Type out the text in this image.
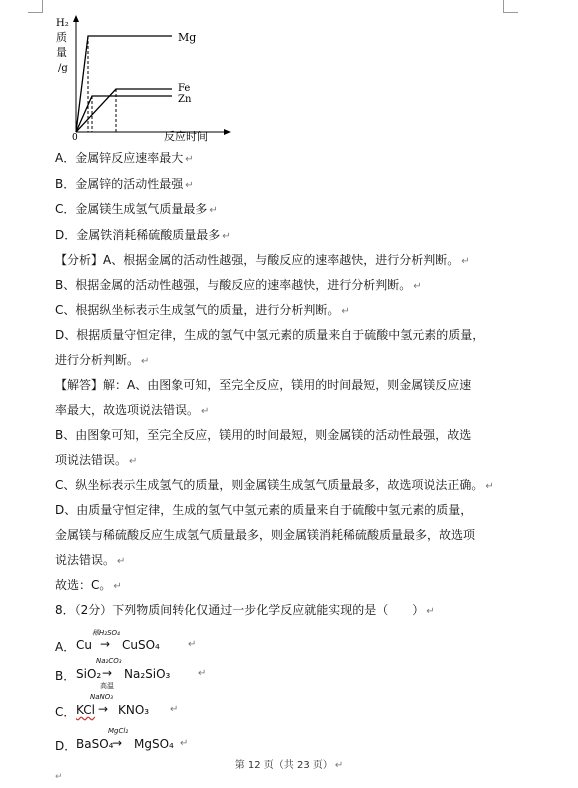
H₂
质
量
/g
0	反应时间
Mg
Fe
Zn
A．金属锌反应速率最大 ↵
B．金属锌的活动性最强 ↵
C．金属镁生成氢气质量最多 ↵
D．金属铁消耗稀硫酸质量最多 ↵
【分析】A、根据金属的活动性越强，与酸反应的速率越快，进行分析判断。 ↵
B、根据金属的活动性越强，与酸反应的速率越快，进行分析判断。 ↵
C、根据纵坐标表示生成氢气的质量，进行分析判断。 ↵
D、根据质量守恒定律，生成的氢气中氢元素的质量来自于硫酸中氢元素的质量，
进行分析判断。 ↵
【解答】解：A、由图象可知，至完全反应，镁用的时间最短，则金属镁反应速
率最大，故选项说法错误。 ↵
B、由图象可知，至完全反应，镁用的时间最短，则金属镁的活动性最强，故选
项说法错误。 ↵
C、纵坐标表示生成氢气的质量，则金属镁生成氢气质量最多，故选项说法正确。 ↵
D、由质量守恒定律，生成的氢气中氢元素的质量来自于硫酸中氢元素的质量，
金属镁与稀硫酸反应生成氢气质量最多，则金属镁消耗稀硫酸质量最多，故选项
说法错误。 ↵
故选：C。 ↵
8．（2分）下列物质间转化仅通过一步化学反应就能实现的是（　　） ↵
A． Cu
稀H₂SO₄
→ CuSO₄	↵
B． SiO₂
Na₂CO₃
→
高温
Na₂SiO₃	↵
C． KCl
NaNO₃
→ KNO₃ ↵
D． BaSO₄
MgCl₂
→ MgSO₄ ↵
第 12 页（共 23 页） ↵
↵
